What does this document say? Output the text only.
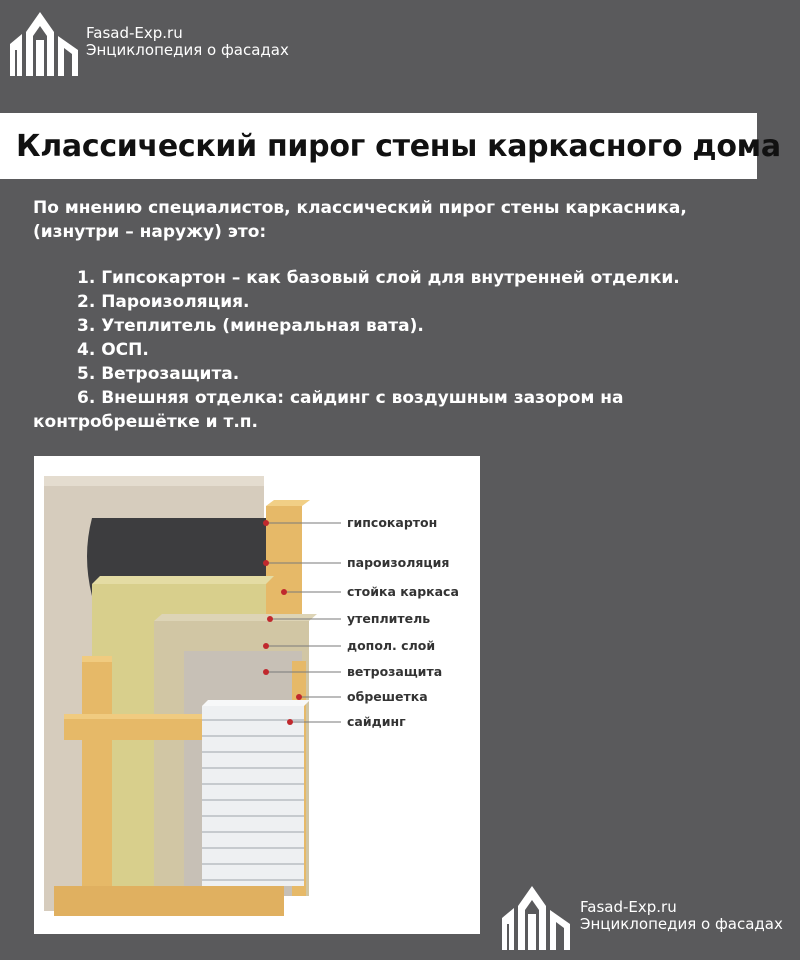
Fasad-Exp.ru
Энциклопедия о фасадах
Классический пирог стены каркасного дома
По мнению специалистов, классический пирог стены каркасника, (изнутри – наружу) это:
1. Гипсокартон – как базовый слой для внутренней отделки.
2. Пароизоляция.
3. Утеплитель (минеральная вата).
4. ОСП.
5. Ветрозащита.
6. Внешняя отделка: сайдинг с воздушным зазором на контробрешётке и т.п.
гипсокартон
пароизоляция
стойка каркаса
утеплитель
допол. слой
ветрозащита
обрешетка
сайдинг
Fasad-Exp.ru
Энциклопедия о фасадах
